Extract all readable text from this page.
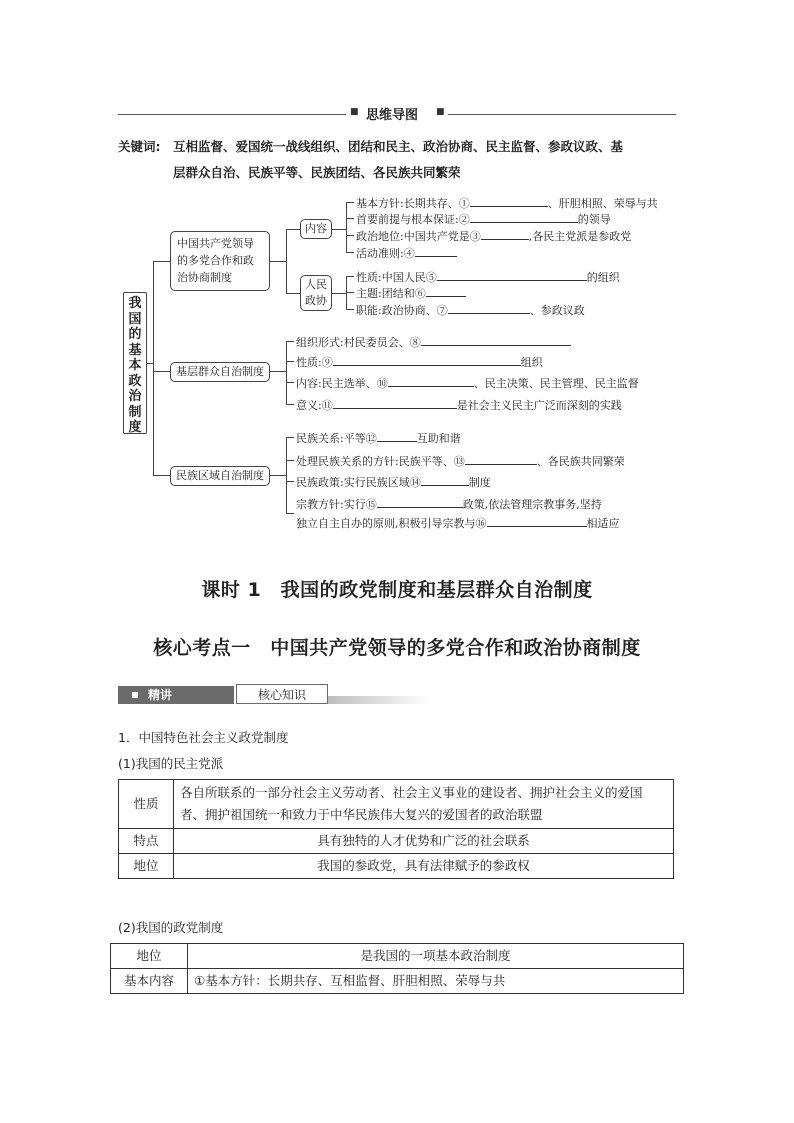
■ 思维导图 ■
关键词: 互相监督、爱国统一战线组织、团结和民主、政治协商、民主监督、参政议政、基
层群众自治、民族平等、民族团结、各民族共同繁荣
我
国
的
基
本
政
治
制
度
中国共产党领导的多党合作和政治协商制度
内容
人民政协
基本方针:长期共存、①	、肝胆相照、荣辱与共
首要前提与根本保证:②	的领导
政治地位:中国共产党是③	,各民主党派是参政党
活动准则:④
性质:中国人民⑤	的组织
主题:团结和⑥
职能:政治协商、⑦	、参政议政
基层群众自治制度
组织形式:村民委员会、⑧
性质:⑨	组织
内容:民主选举、⑩	、民主决策、民主管理、民主监督
意义:⑪	是社会主义民主广泛而深刻的实践
民族区域自治制度
民族关系:平等⑫	互助和谐
处理民族关系的方针:民族平等、⑬	、各民族共同繁荣
民族政策:实行民族区域⑭	制度
宗教方针:实行⑮	政策,依法管理宗教事务,坚持
独立自主自办的原则,积极引导宗教与⑯	相适应
课时 1　我国的政党制度和基层群众自治制度
核心考点一　中国共产党领导的多党合作和政治协商制度
精讲	核心知识
1．中国特色社会主义政党制度
(1)我国的民主党派
性质	各自所联系的一部分社会主义劳动者、社会主义事业的建设者、拥护社会主义的爱国者、拥护祖国统一和致力于中华民族伟大复兴的爱国者的政治联盟
特点	具有独特的人才优势和广泛的社会联系
地位	我国的参政党，具有法律赋予的参政权
(2)我国的政党制度
地位	是我国的一项基本政治制度
基本内容	①基本方针：长期共存、互相监督、肝胆相照、荣辱与共
